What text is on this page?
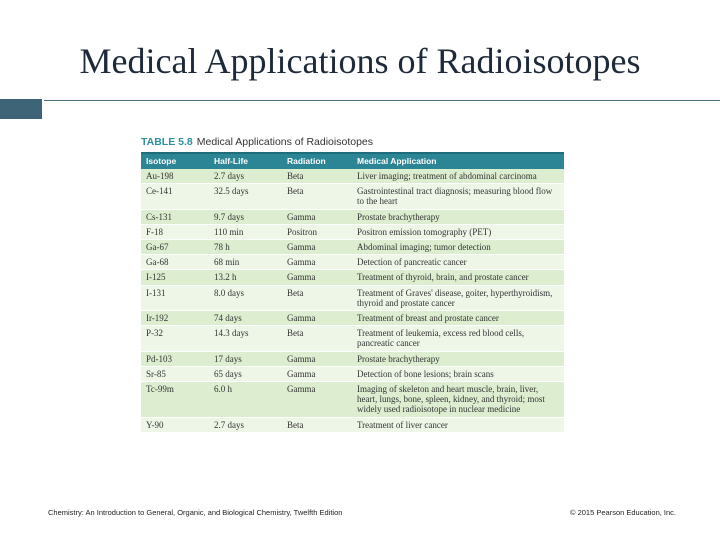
Medical Applications of Radioisotopes
TABLE 5.8 Medical Applications of Radioisotopes
Isotope	Half-Life	Radiation	Medical Application
Au-198	2.7 days	Beta	Liver imaging; treatment of abdominal carcinoma
Ce-141	32.5 days	Beta	Gastrointestinal tract diagnosis; measuring blood flow to the heart
Cs-131	9.7 days	Gamma	Prostate brachytherapy
F-18	110 min	Positron	Positron emission tomography (PET)
Ga-67	78 h	Gamma	Abdominal imaging; tumor detection
Ga-68	68 min	Gamma	Detection of pancreatic cancer
I-125	13.2 h	Gamma	Treatment of thyroid, brain, and prostate cancer
I-131	8.0 days	Beta	Treatment of Graves' disease, goiter, hyperthyroidism, thyroid and prostate cancer
Ir-192	74 days	Gamma	Treatment of breast and prostate cancer
P-32	14.3 days	Beta	Treatment of leukemia, excess red blood cells, pancreatic cancer
Pd-103	17 days	Gamma	Prostate brachytherapy
Sr-85	65 days	Gamma	Detection of bone lesions; brain scans
Tc-99m	6.0 h	Gamma	Imaging of skeleton and heart muscle, brain, liver, heart, lungs, bone, spleen, kidney, and thyroid; most widely used radioisotope in nuclear medicine
Y-90	2.7 days	Beta	Treatment of liver cancer
Chemistry: An Introduction to General, Organic, and Biological Chemistry, Twelfth Edition	© 2015 Pearson Education, Inc.
